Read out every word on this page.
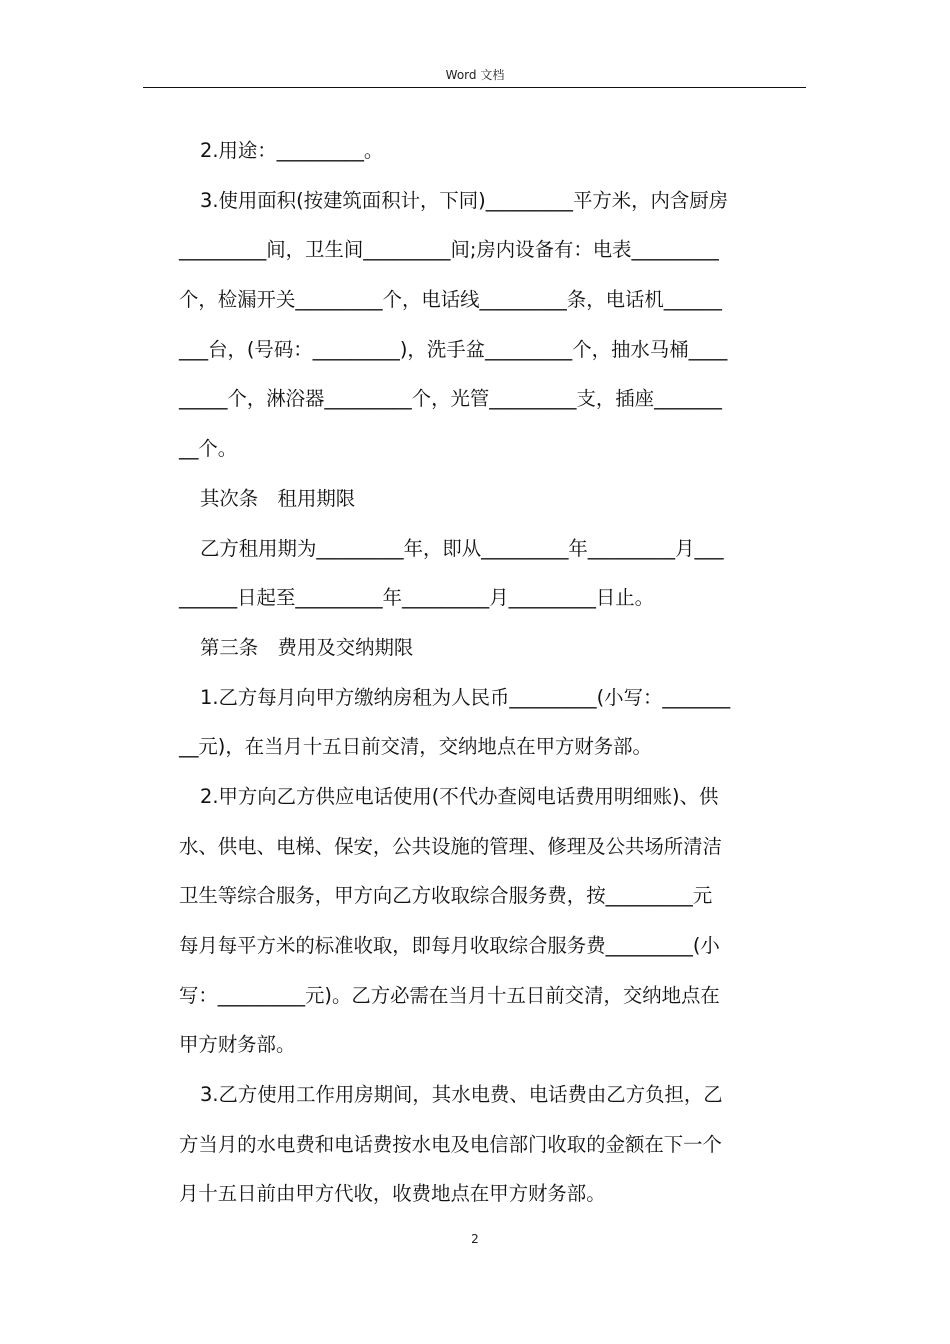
Word 文档
2.用途：_________。
3.使用面积(按建筑面积计，下同)_________平方米，内含厨房
_________间，卫生间_________间;房内设备有：电表_________
个，检漏开关_________个，电话线_________条，电话机______
___台，(号码：_________)，洗手盆_________个，抽水马桶____
_____个，淋浴器_________个，光管_________支，插座_______
__个。
其次条　租用期限
乙方租用期为_________年，即从_________年_________月___
______日起至_________年_________月_________日止。
第三条　费用及交纳期限
1.乙方每月向甲方缴纳房租为人民币_________(小写：_______
__元)，在当月十五日前交清，交纳地点在甲方财务部。
2.甲方向乙方供应电话使用(不代办查阅电话费用明细账)、供
水、供电、电梯、保安，公共设施的管理、修理及公共场所清洁
卫生等综合服务，甲方向乙方收取综合服务费，按_________元
每月每平方米的标准收取，即每月收取综合服务费_________(小
写：_________元)。乙方必需在当月十五日前交清，交纳地点在
甲方财务部。
3.乙方使用工作用房期间，其水电费、电话费由乙方负担，乙
方当月的水电费和电话费按水电及电信部门收取的金额在下一个
月十五日前由甲方代收，收费地点在甲方财务部。
2
